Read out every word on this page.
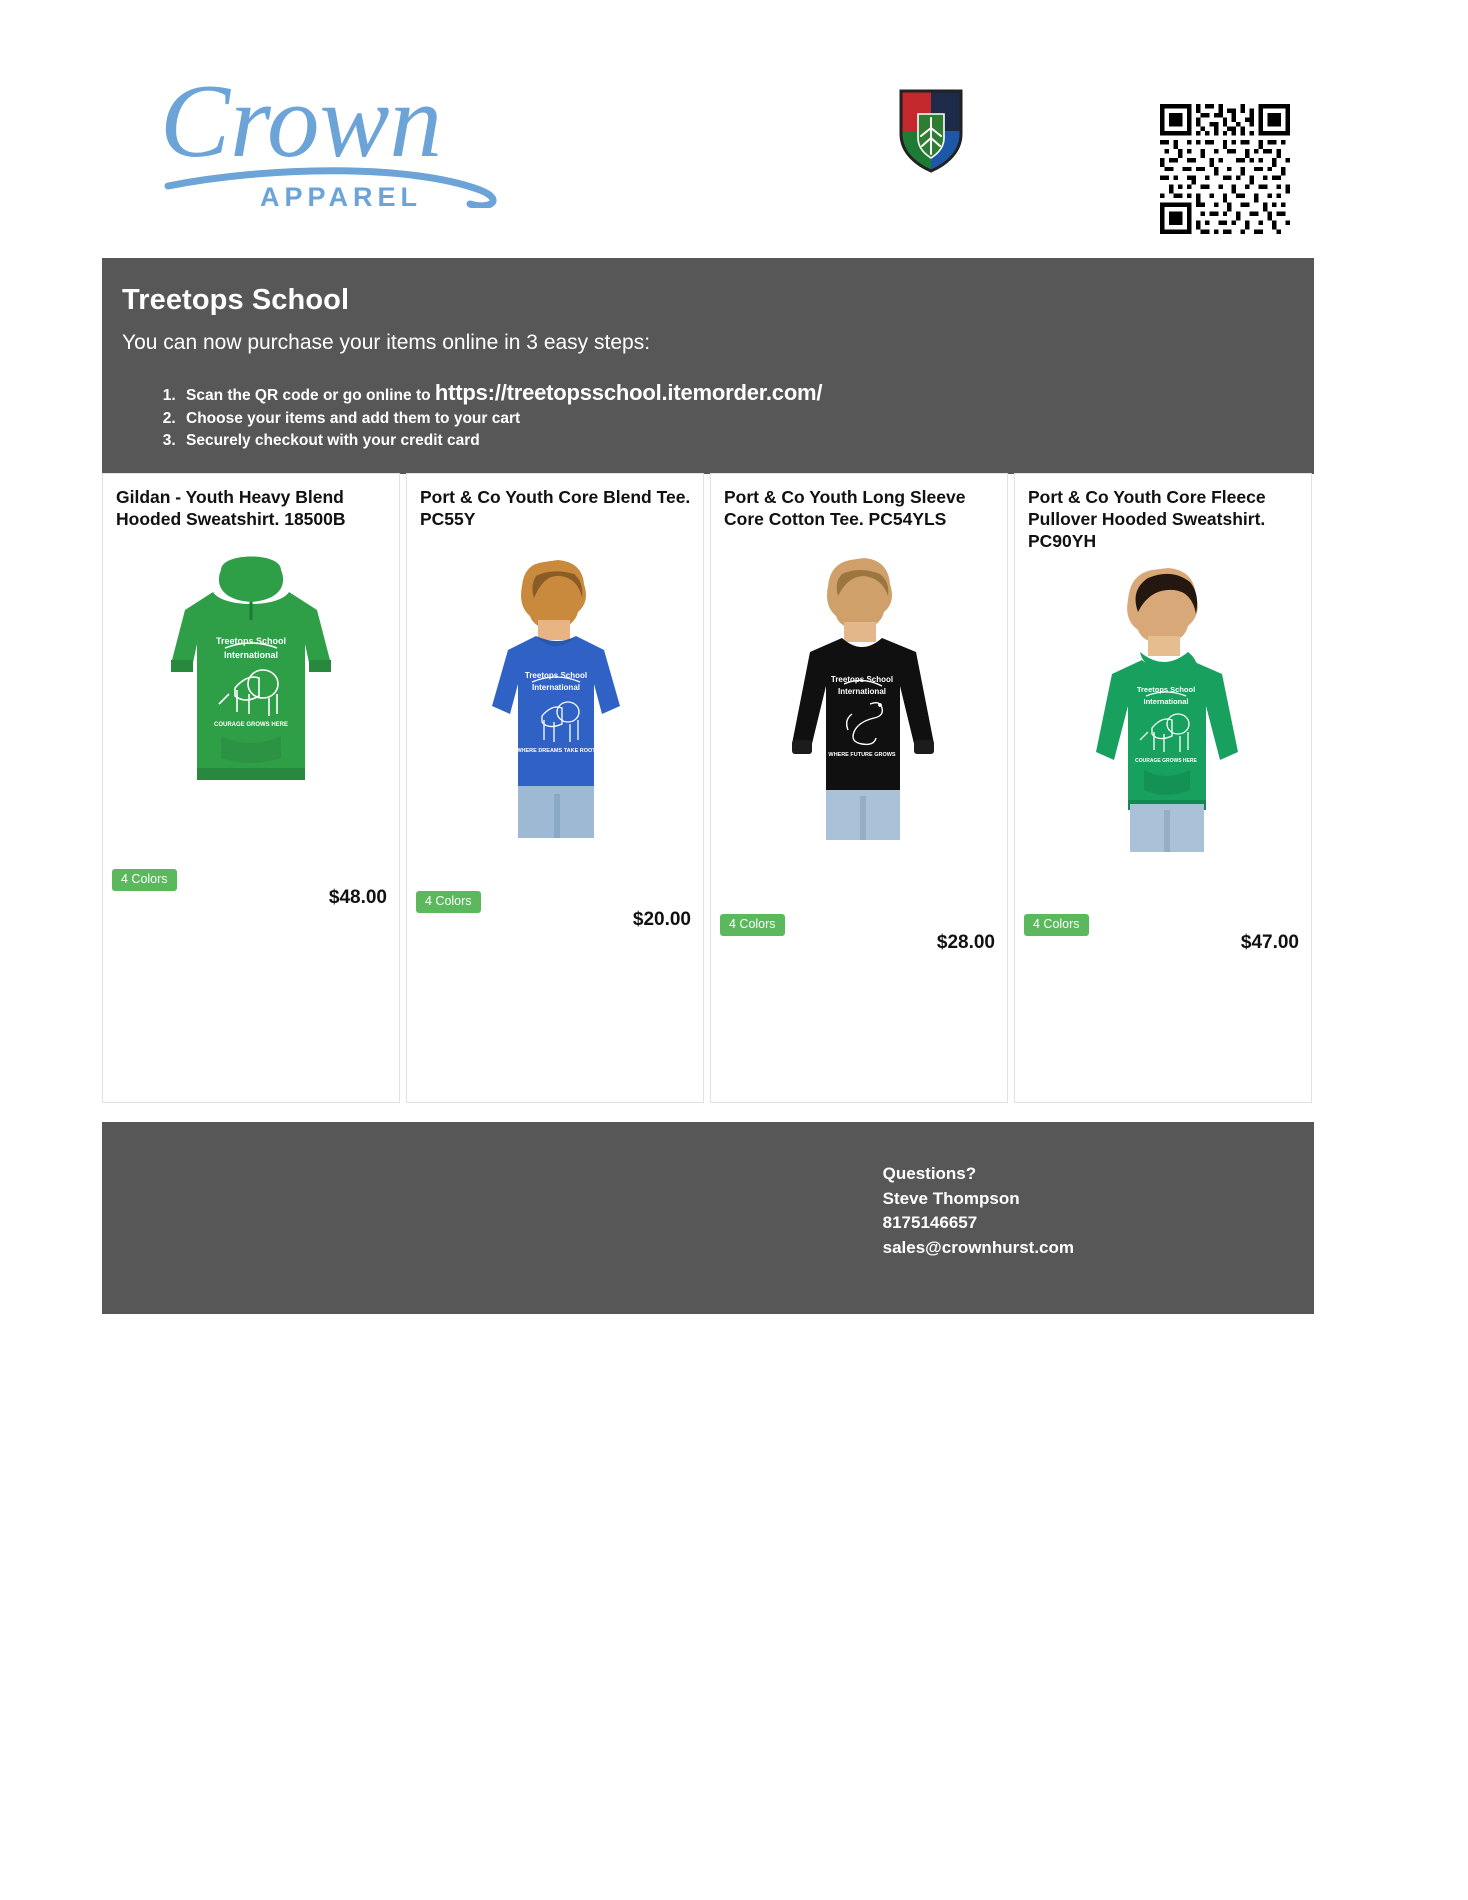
Crown
APPAREL
Treetops School
You can now purchase your items online in 3 easy steps:
1. Scan the QR code or go online to https://treetopsschool.itemorder.com/
2. Choose your items and add them to your cart
3. Securely checkout with your credit card
Gildan - Youth Heavy Blend Hooded Sweatshirt. 18500B
Treetops School
International
COURAGE GROWS HERE
4 Colors
$48.00
Port & Co Youth Core Blend Tee. PC55Y
Treetops School
International
WHERE DREAMS TAKE ROOT
4 Colors
$20.00
Port & Co Youth Long Sleeve Core Cotton Tee. PC54YLS
Treetops School
International
WHERE FUTURE GROWS
4 Colors
$28.00
Port & Co Youth Core Fleece Pullover Hooded Sweatshirt. PC90YH
Treetops School
International
COURAGE GROWS HERE
4 Colors
$47.00
Questions?
Steve Thompson
8175146657
sales@crownhurst.com
